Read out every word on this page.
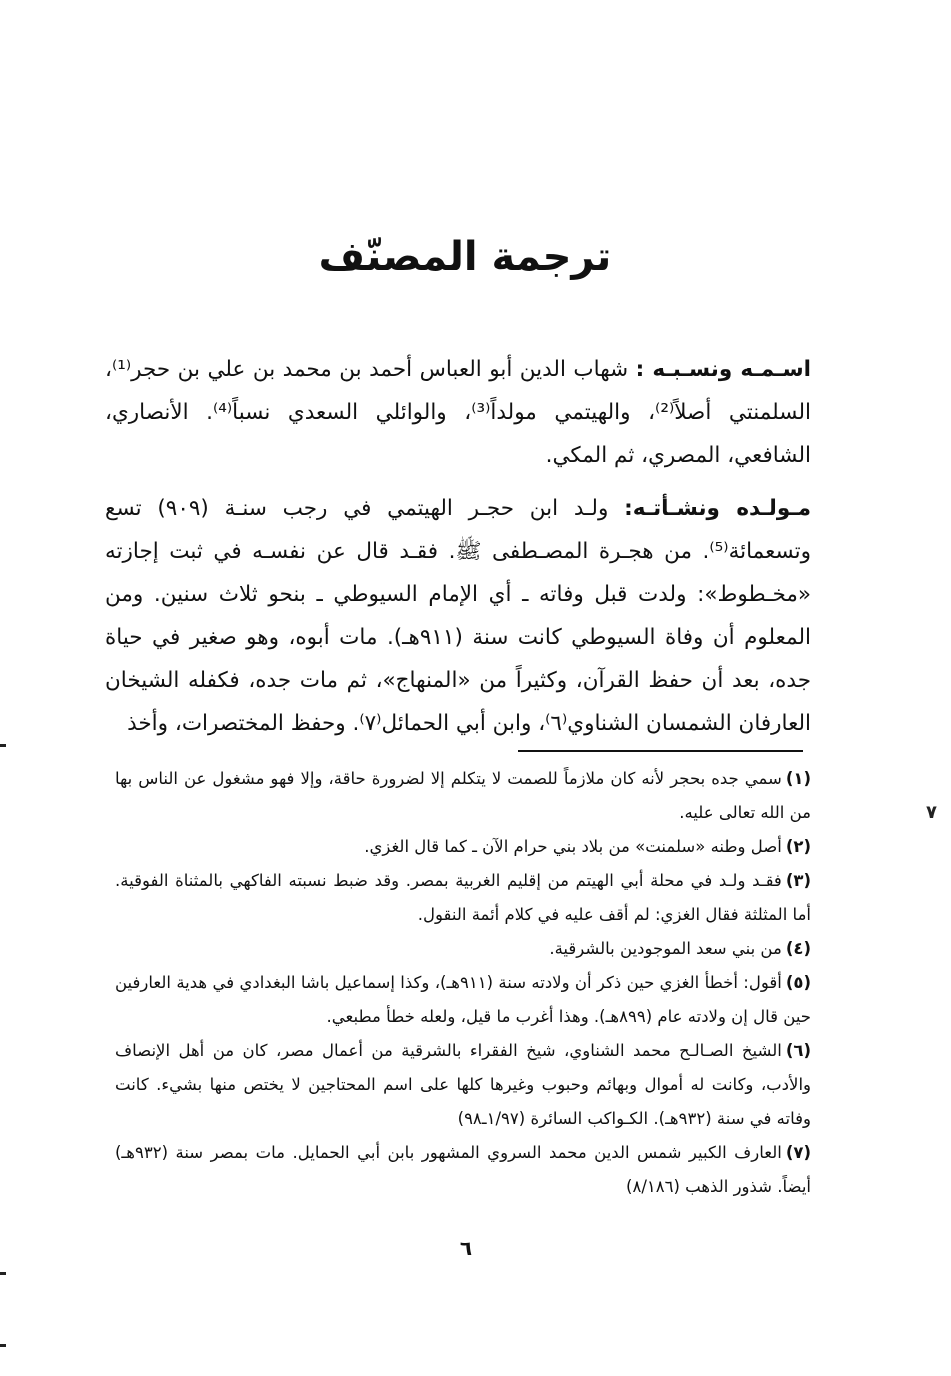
ترجمة المصنّف
اسـمـه ونسـبـه : شهاب الدين أبو العباس أحمد بن محمد بن علي بن حجر⁽¹⁾، السلمنتي أصلاً⁽²⁾، والهيتمي مولداً⁽³⁾، والوائلي السعدي نسباً⁽⁴⁾. الأنصاري، الشافعي، المصري، ثم المكي.
مـولـده ونشـأتـه: ولـد ابن حجـر الهيتمي في رجب سنـة (٩٠٩) تسع وتسعمائة⁽⁵⁾. من هجـرة المصـطفى ﷺ. فقـد قال عن نفسـه في ثبت إجازته «مخـطوط»: ولدت قبل وفاته ـ أي الإمام السيوطي ـ بنحو ثلاث سنين. ومن المعلوم أن وفاة السيوطي كانت سنة (٩١١هـ). مات أبوه، وهو صغير في حياة جده، بعد أن حفظ القرآن، وكثيراً من «المنهاج»، ثم مات جده، فكفله الشيخان العارفان الشمسان الشناوي⁽٦⁾، وابن أبي الحمائل⁽٧⁾. وحفظ المختصرات، وأخذ

(١)سمي جده بحجر لأنه كان ملازماً للصمت لا يتكلم إلا لضرورة حاقة، وإلا فهو مشغول عن الناس بها من الله تعالى عليه.

(٢)أصل وطنه «سلمنت» من بلاد بني حرام الآن ـ كما قال الغزي.

(٣)فقـد ولـد في محلة أبي الهيتم من إقليم الغربية بمصر. وقد ضبط نسبته الفاكهي بالمثناة الفوقية. أما المثلثة فقال الغزي: لم أقف عليه في كلام أئمة النقول.

(٤)من بني سعد الموجودين بالشرقية.

(٥)أقول: أخطأ الغزي حين ذكر أن ولادته سنة (٩١١هـ)، وكذا إسماعيل باشا البغدادي في هدية العارفين حين قال إن ولادته عام (٨٩٩هـ). وهذا أغرب ما قيل، ولعله خطأ مطبعي.

(٦)الشيخ الصـالـح محمد الشناوي، شيخ الفقراء بالشرقية من أعمال مصر، كان من أهل الإنصاف والأدب، وكانت له أموال وبهائم وحبوب وغيرها كلها على اسم المحتاجين لا يختص منها بشيء. كانت وفاته في سنة (٩٣٢هـ). الكـواكب السائرة (١/٩٧ـ٩٨)

(٧)العارف الكبير شمس الدين محمد السروي المشهور بابن أبي الحمايل. مات بمصر سنة (٩٣٢هـ) أيضاً. شذور الذهب (٨/١٨٦)

٦
٧
